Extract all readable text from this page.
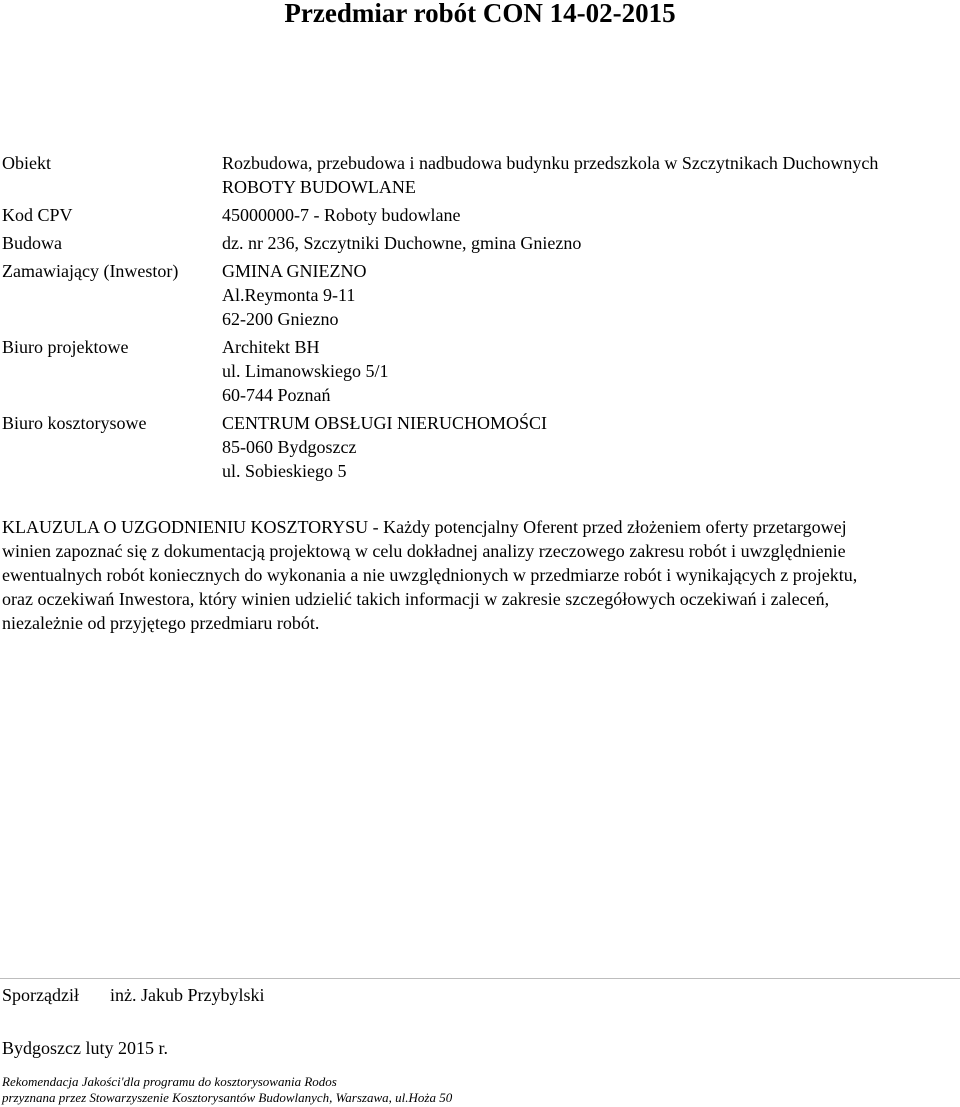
Przedmiar robót CON 14-02-2015
Obiekt	Rozbudowa, przebudowa i nadbudowa budynku przedszkola w Szczytnikach Duchownych
ROBOTY BUDOWLANE
Kod CPV	45000000-7 - Roboty budowlane
Budowa	dz. nr 236, Szczytniki Duchowne, gmina Gniezno
Zamawiający (Inwestor)	GMINA GNIEZNO
Al.Reymonta 9-11
62-200 Gniezno
Biuro projektowe	Architekt BH
ul. Limanowskiego 5/1
60-744 Poznań
Biuro kosztorysowe	CENTRUM OBSŁUGI NIERUCHOMOŚCI
85-060 Bydgoszcz
ul. Sobieskiego 5
KLAUZULA O UZGODNIENIU KOSZTORYSU - Każdy potencjalny Oferent przed złożeniem oferty przetargowej
winien zapoznać się z dokumentacją projektową w celu dokładnej analizy rzeczowego zakresu robót i uwzględnienie
ewentualnych robót koniecznych do wykonania a nie uwzględnionych w przedmiarze robót i wynikających z projektu,
oraz oczekiwań Inwestora, który winien udzielić takich informacji w zakresie szczegółowych oczekiwań i zaleceń,
niezależnie od przyjętego przedmiaru robót.
Sporządził inż. Jakub Przybylski
Bydgoszcz luty 2015 r.
Rekomendacja Jakości'dla programu do kosztorysowania Rodos
przyznana przez Stowarzyszenie Kosztorysantów Budowlanych, Warszawa, ul.Hoża 50
